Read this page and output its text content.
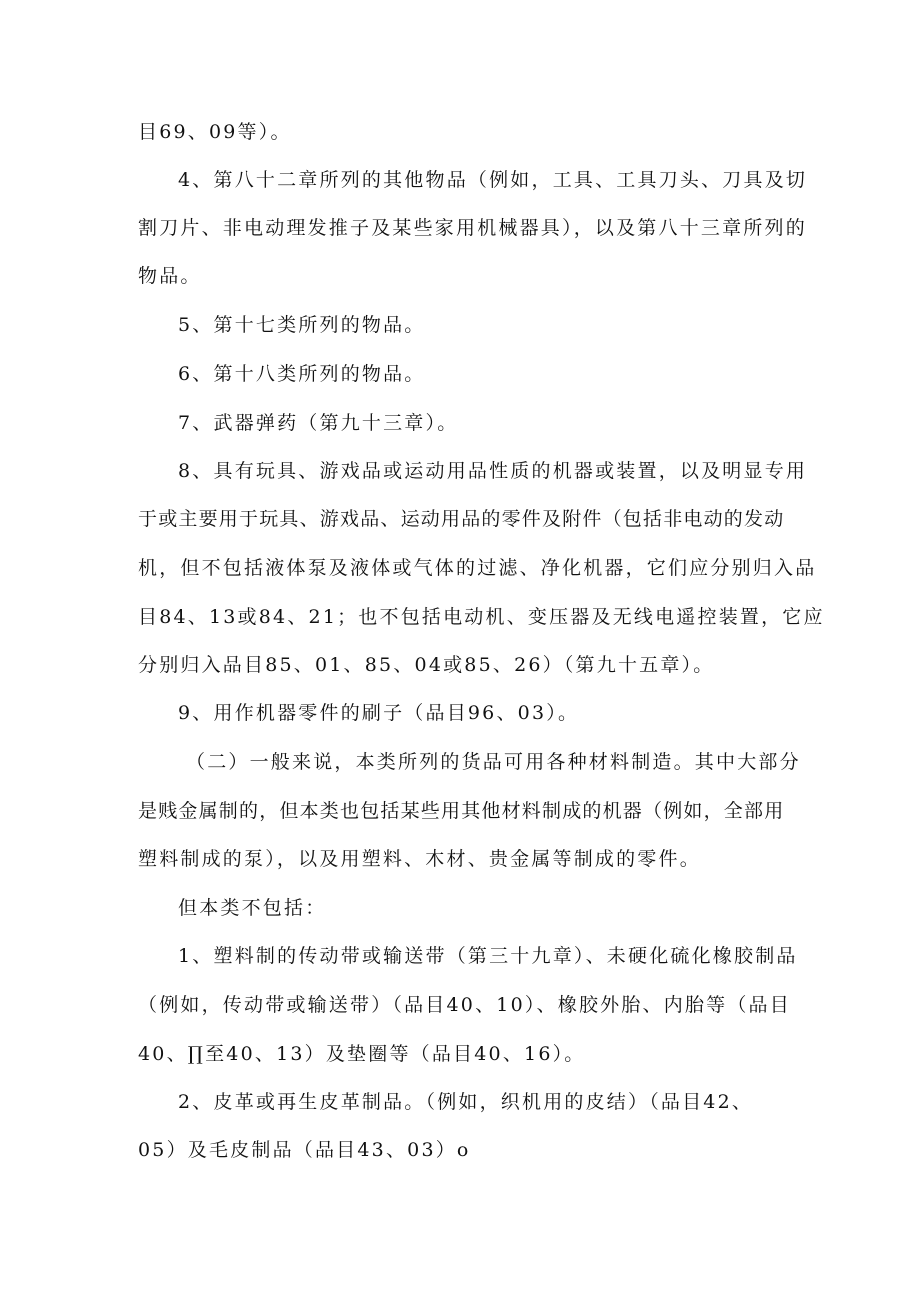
目69、09等）。
4、第八十二章所列的其他物品（例如，工具、工具刀头、刀具及切
割刀片、非电动理发推子及某些家用机械器具），以及第八十三章所列的
物品。
5、第十七类所列的物品。
6、第十八类所列的物品。
7、武器弹药（第九十三章）。
8、具有玩具、游戏品或运动用品性质的机器或装置，以及明显专用
于或主要用于玩具、游戏品、运动用品的零件及附件（包括非电动的发动
机，但不包括液体泵及液体或气体的过滤、净化机器，它们应分别归入品
目84、13或84、21；也不包括电动机、变压器及无线电遥控装置，它应
分别归入品目85、01、85、04或85、26）（第九十五章）。
9、用作机器零件的刷子（品目96、03）。
（二）一般来说，本类所列的货品可用各种材料制造。其中大部分
是贱金属制的，但本类也包括某些用其他材料制成的机器（例如，全部用
塑料制成的泵），以及用塑料、木材、贵金属等制成的零件。
但本类不包括：
1、塑料制的传动带或输送带（第三十九章）、未硬化硫化橡胶制品
（例如，传动带或输送带）（品目40、10）、橡胶外胎、内胎等（品目
40、∏至40、13）及垫圈等（品目40、16）。
2、皮革或再生皮革制品。（例如，织机用的皮结）（品目42、
05）及毛皮制品（品目43、03）o
